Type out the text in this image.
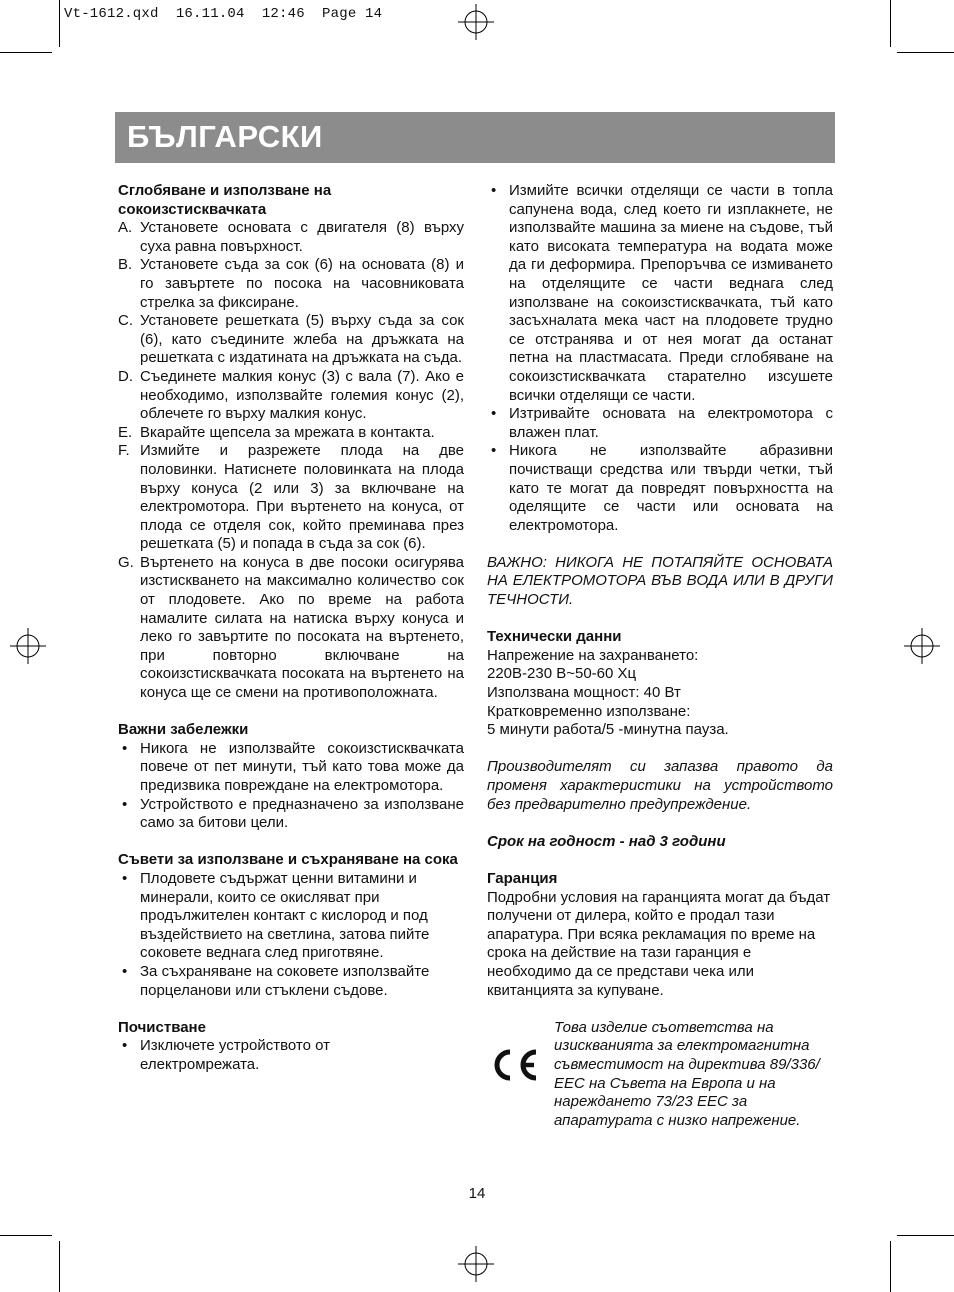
Vt-1612.qxd  16.11.04  12:46  Page 14
БЪЛГАРСКИ
Сглобяване и използване на
сокоизстисквачката
A. Установете основата с двигателя (8) върху суха равна повърхност.
B. Установете съда за сок (6) на основата (8) и го завъртете по посока на часовниковата стрелка за фиксиране.
C. Установете решетката (5) върху съда за сок (6), като съедините жлеба на дръжката на решетката с издатината на дръжката на съда.
D. Съединете малкия конус (3) с вала (7). Ако е необходимо, използвайте големия конус (2), облечете го върху малкия конус.
E. Вкарайте щепсела за мрежата в контакта.
F. Измийте и разрежете плода на две половинки. Натиснете половинката на плода върху конуса (2 или 3) за включване на електромотора. При въртенето на конуса, от плода се отделя сок, който преминава през решетката (5) и попада в съда за сок (6).
G. Въртенето на конуса в две посоки осигурява изстискването на максимално количество сок от плодовете. Ако по време на работа намалите силата на натиска върху конуса и леко го завъртите по посоката на въртенето, при повторно включване на сокоизстисквачката посоката на въртенето на конуса ще се смени на противоположната.
Важни забележки
• Никога не използвайте сокоизстисквачката повече от пет минути, тъй като това може да предизвика повреждане на електромотора.
• Устройството е предназначено за използване само за битови цели.
Съвети за използване и съхраняване на сока
• Плодовете съдържат ценни витамини и минерали, които се окисляват при продължителен контакт с кислород и под въздействието на светлина, затова пийте соковете веднага след приготвяне.
• За съхраняване на соковете използвайте порцеланови или стъклени съдове.
Почистване
• Изключете устройството от електромрежата.
• Измийте всички отделящи се части в топла сапунена вода, след което ги изплакнете, не използвайте машина за миене на съдове, тъй като високата температура на водата може да ги деформира. Препоръчва се измиването на отделящите се части веднага след използване на сокоизстисквачката, тъй като засъхналата мека част на плодовете трудно се отстранява и от нея могат да останат петна на пластмасата. Преди сглобяване на сокоизстисквачката старателно изсушете всички отделящи се части.
• Изтривайте основата на електромотора с влажен плат.
• Никога не използвайте абразивни почистващи средства или твърди четки, тъй като те могат да повредят повърхността на оделящите се части или основата на електромотора.
ВАЖНО: НИКОГА НЕ ПОТАПЯЙТЕ ОСНОВАТА НА ЕЛЕКТРОМОТОРА ВЪВ ВОДА ИЛИ В ДРУГИ ТЕЧНОСТИ.
Технически данни
Напрежение на захранването:
220В-230 В~50-60 Хц
Използвана мощност: 40 Вт
Кратковременно използване:
5 минути работа/5 -минутна пауза.
Производителят си запазва правото да променя характеристики на устройството без предварително предупреждение.
Срок на годност - над 3 години
Гаранция
Подробни условия на гаранцията могат да бъдат получени от дилера, който е продал тази апаратура. При всяка рекламация по време на срока на действие на тази гаранция е необходимо да се представи чека или квитанцията за купуване.
Това изделие съответства на изискванията за електромагнитна съвместимост на директива 89/336/ЕЕС на Съвета на Европа и на нареждането 73/23 ЕЕС за апаратурата с низко напрежение.
14
